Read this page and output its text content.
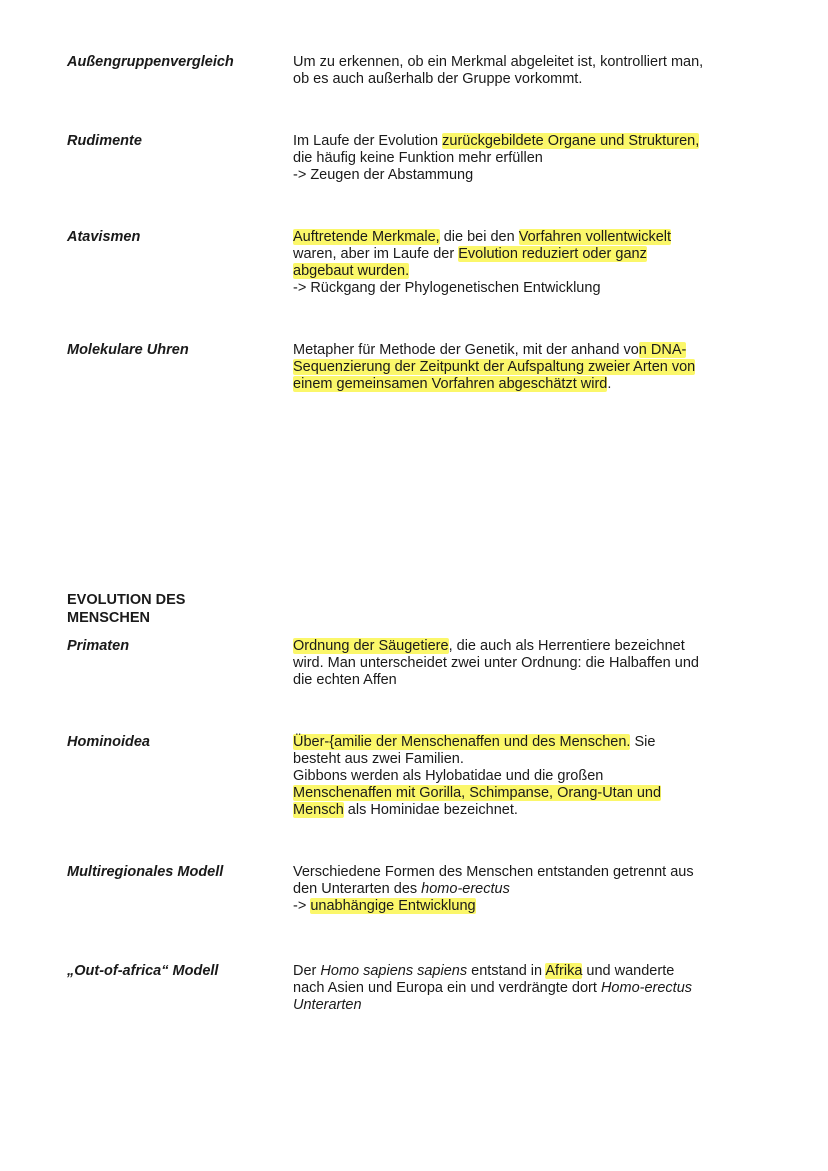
Außengruppenvergleich	Um zu erkennen, ob ein Merkmal abgeleitet ist, kontrolliert man,
ob es auch außerhalb der Gruppe vorkommt.
Rudimente	Im Laufe der Evolution zurückgebildete Organe und Strukturen,
die häufig keine Funktion mehr erfüllen
-> Zeugen der Abstammung
Atavismen	Auftretende Merkmale, die bei den Vorfahren vollentwickelt
waren, aber im Laufe der Evolution reduziert oder ganz
abgebaut wurden.
-> Rückgang der Phylogenetischen Entwicklung
Molekulare Uhren	Metapher für Methode der Genetik, mit der anhand von DNA-
Sequenzierung der Zeitpunkt der Aufspaltung zweier Arten von
einem gemeinsamen Vorfahren abgeschätzt wird.
EVOLUTION DES
MENSCHEN
Primaten	Ordnung der Säugetiere, die auch als Herrentiere bezeichnet
wird. Man unterscheidet zwei unter Ordnung: die Halbaffen und
die echten Affen
Hominoidea	Über-{amilie der Menschenaffen und des Menschen. Sie
besteht aus zwei Familien.
Gibbons werden als Hylobatidae und die großen
Menschenaffen mit Gorilla, Schimpanse, Orang-Utan und
Mensch als Hominidae bezeichnet.
Multiregionales Modell	Verschiedene Formen des Menschen entstanden getrennt aus
den Unterarten des homo-erectus
-> unabhängige Entwicklung
„Out-of-africa“ Modell	Der Homo sapiens sapiens entstand in Afrika und wanderte
nach Asien und Europa ein und verdrängte dort Homo-erectus
Unterarten
